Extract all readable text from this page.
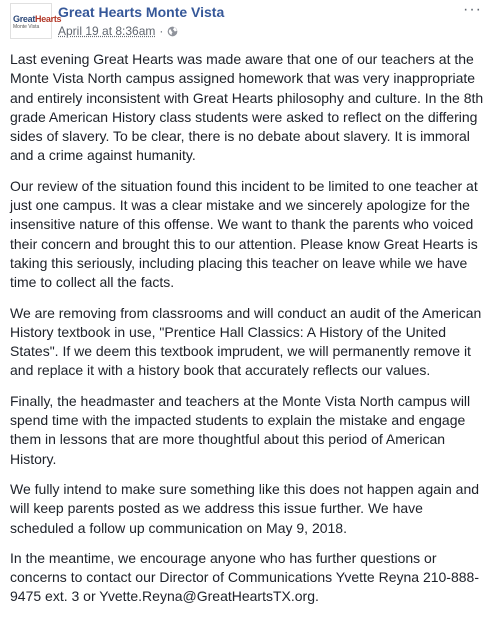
GreatHearts
Monte Vista
Great Hearts Monte Vista
April 19 at 8:36am ·
···

Last evening Great Hearts was made aware that one of our teachers at the Monte Vista North campus assigned homework that was very inappropriate and entirely inconsistent with Great Hearts philosophy and culture. In the 8th grade American History class students were asked to reflect on the differing sides of slavery. To be clear, there is no debate about slavery. It is immoral and a crime against humanity.

Our review of the situation found this incident to be limited to one teacher at just one campus. It was a clear mistake and we sincerely apologize for the insensitive nature of this offense. We want to thank the parents who voiced their concern and brought this to our attention. Please know Great Hearts is taking this seriously, including placing this teacher on leave while we have time to collect all the facts.

We are removing from classrooms and will conduct an audit of the American History textbook in use, "Prentice Hall Classics: A History of the United States". If we deem this textbook imprudent, we will permanently remove it and replace it with a history book that accurately reflects our values.

Finally, the headmaster and teachers at the Monte Vista North campus will spend time with the impacted students to explain the mistake and engage them in lessons that are more thoughtful about this period of American History.

We fully intend to make sure something like this does not happen again and will keep parents posted as we address this issue further. We have scheduled a follow up communication on May 9, 2018.

In the meantime, we encourage anyone who has further questions or concerns to contact our Director of Communications Yvette Reyna 210-888-9475 ext. 3 or Yvette.Reyna@GreatHeartsTX.org.
